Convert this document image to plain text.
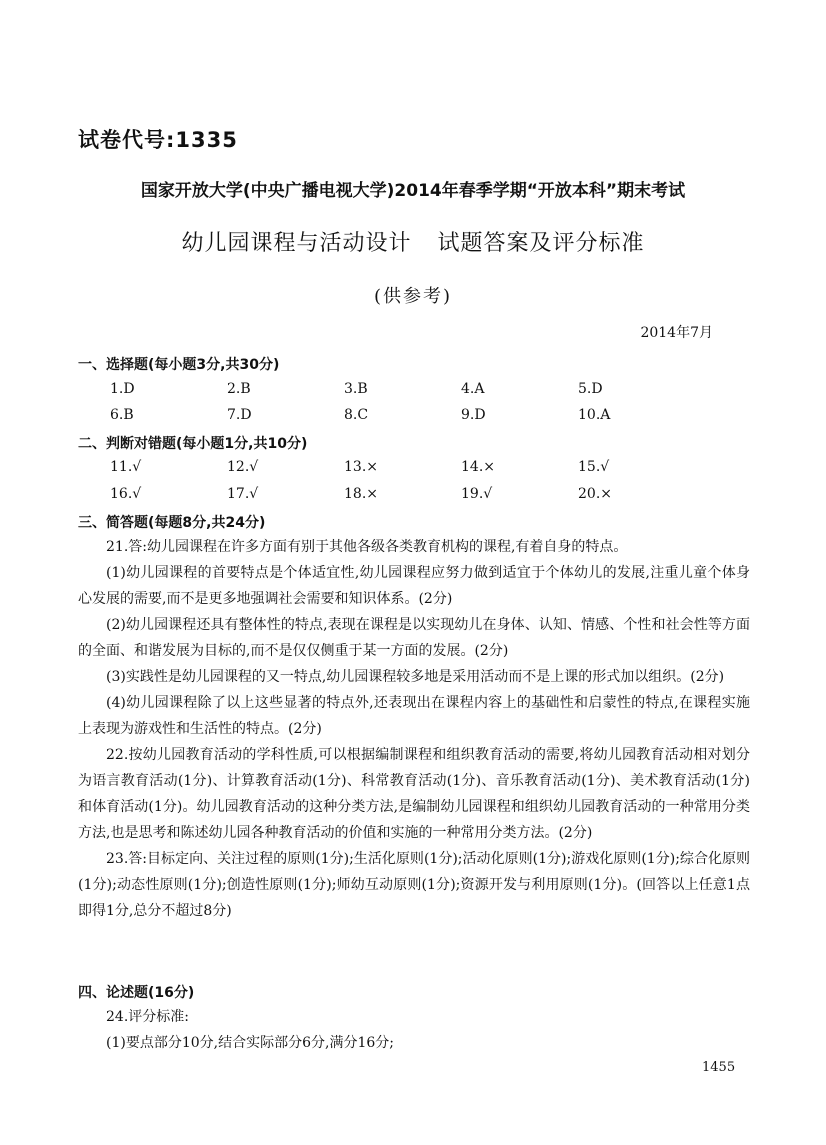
试卷代号:1335
国家开放大学(中央广播电视大学)2014年春季学期“开放本科”期末考试
幼儿园课程与活动设计 试题答案及评分标准
(供参考)
2014年7月
一、选择题(每小题3分,共30分)
1.D	2.B	3.B	4.A	5.D
6.B	7.D	8.C	9.D	10.A
二、判断对错题(每小题1分,共10分)
11.√	12.√	13.×	14.×	15.√
16.√	17.√	18.×	19.√	20.×
三、简答题(每题8分,共24分)
21.答:幼儿园课程在许多方面有别于其他各级各类教育机构的课程,有着自身的特点。
(1)幼儿园课程的首要特点是个体适宜性,幼儿园课程应努力做到适宜于个体幼儿的发展,注重儿童个体身心发展的需要,而不是更多地强调社会需要和知识体系。(2分)
(2)幼儿园课程还具有整体性的特点,表现在课程是以实现幼儿在身体、认知、情感、个性和社会性等方面的全面、和谐发展为目标的,而不是仅仅侧重于某一方面的发展。(2分)
(3)实践性是幼儿园课程的又一特点,幼儿园课程较多地是采用活动而不是上课的形式加以组织。(2分)
(4)幼儿园课程除了以上这些显著的特点外,还表现出在课程内容上的基础性和启蒙性的特点,在课程实施上表现为游戏性和生活性的特点。(2分)
22.按幼儿园教育活动的学科性质,可以根据编制课程和组织教育活动的需要,将幼儿园教育活动相对划分为语言教育活动(1分)、计算教育活动(1分)、科常教育活动(1分)、音乐教育活动(1分)、美术教育活动(1分)和体育活动(1分)。幼儿园教育活动的这种分类方法,是编制幼儿园课程和组织幼儿园教育活动的一种常用分类方法,也是思考和陈述幼儿园各种教育活动的价值和实施的一种常用分类方法。(2分)
23.答:目标定向、关注过程的原则(1分);生活化原则(1分);活动化原则(1分);游戏化原则(1分);综合化原则(1分);动态性原则(1分);创造性原则(1分);师幼互动原则(1分);资源开发与利用原则(1分)。(回答以上任意1点即得1分,总分不超过8分)
四、论述题(16分)
24.评分标准:
(1)要点部分10分,结合实际部分6分,满分16分;
1455
